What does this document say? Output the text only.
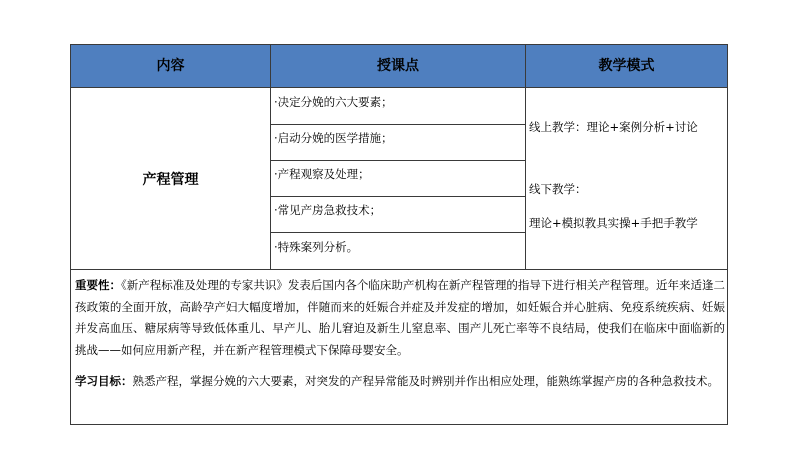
内容	授课点	教学模式
产程管理
·决定分娩的六大要素；
·启动分娩的医学措施；
·产程观察及处理；
·常见产房急救技术；
·特殊案列分析。
线上教学：理论+案例分析+讨论
线下教学：
理论+模拟教具实操+手把手教学
重要性：《新产程标准及处理的专家共识》发表后国内各个临床助产机构在新产程管理的指导下进行相关产程管理。近年来适逢二孩政策的全面开放，高龄孕产妇大幅度增加，伴随而来的妊娠合并症及并发症的增加，如妊娠合并心脏病、免疫系统疾病、妊娠并发高血压、糖尿病等导致低体重儿、早产儿、胎儿窘迫及新生儿窒息率、围产儿死亡率等不良结局，使我们在临床中面临新的挑战——如何应用新产程，并在新产程管理模式下保障母婴安全。
学习目标：熟悉产程，掌握分娩的六大要素，对突发的产程异常能及时辨别并作出相应处理，能熟练掌握产房的各种急救技术。
